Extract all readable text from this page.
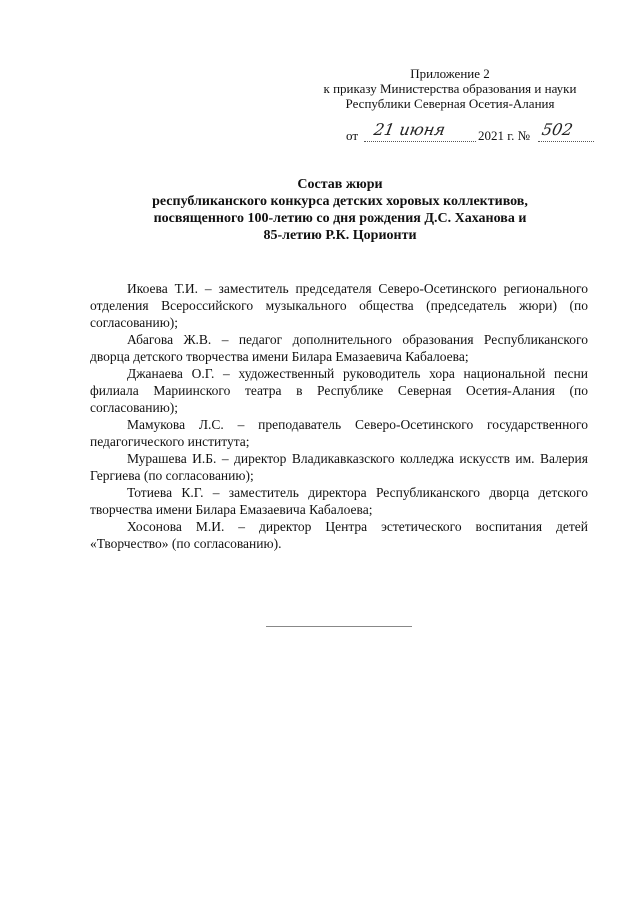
Приложение 2
к приказу Министерства образования и науки
Республики Северная Осетия-Алания
от 21 июня 2021 г. № 502
Состав жюри
республиканского конкурса детских хоровых коллективов,
посвященного 100-летию со дня рождения Д.С. Хаханова и
85-летию Р.К. Цорионти

Икоева Т.И. – заместитель председателя Северо-Осетинского регионального отделения Всероссийского музыкального общества (председатель жюри) (по согласованию);

Абагова Ж.В. – педагог дополнительного образования Республиканского дворца детского творчества имени Билара Емазаевича Кабалоева;

Джанаева О.Г. – художественный руководитель хора национальной песни филиала Мариинского театра в Республике Северная Осетия-Алания (по согласованию);

Мамукова Л.С. – преподаватель Северо-Осетинского государственного педагогического института;

Мурашева И.Б. – директор Владикавказского колледжа искусств им. Валерия Гергиева (по согласованию);

Тотиева К.Г. – заместитель директора Республиканского дворца детского творчества имени Билара Емазаевича Кабалоева;

Хосонова М.И. – директор Центра эстетического воспитания детей «Творчество» (по согласованию).
